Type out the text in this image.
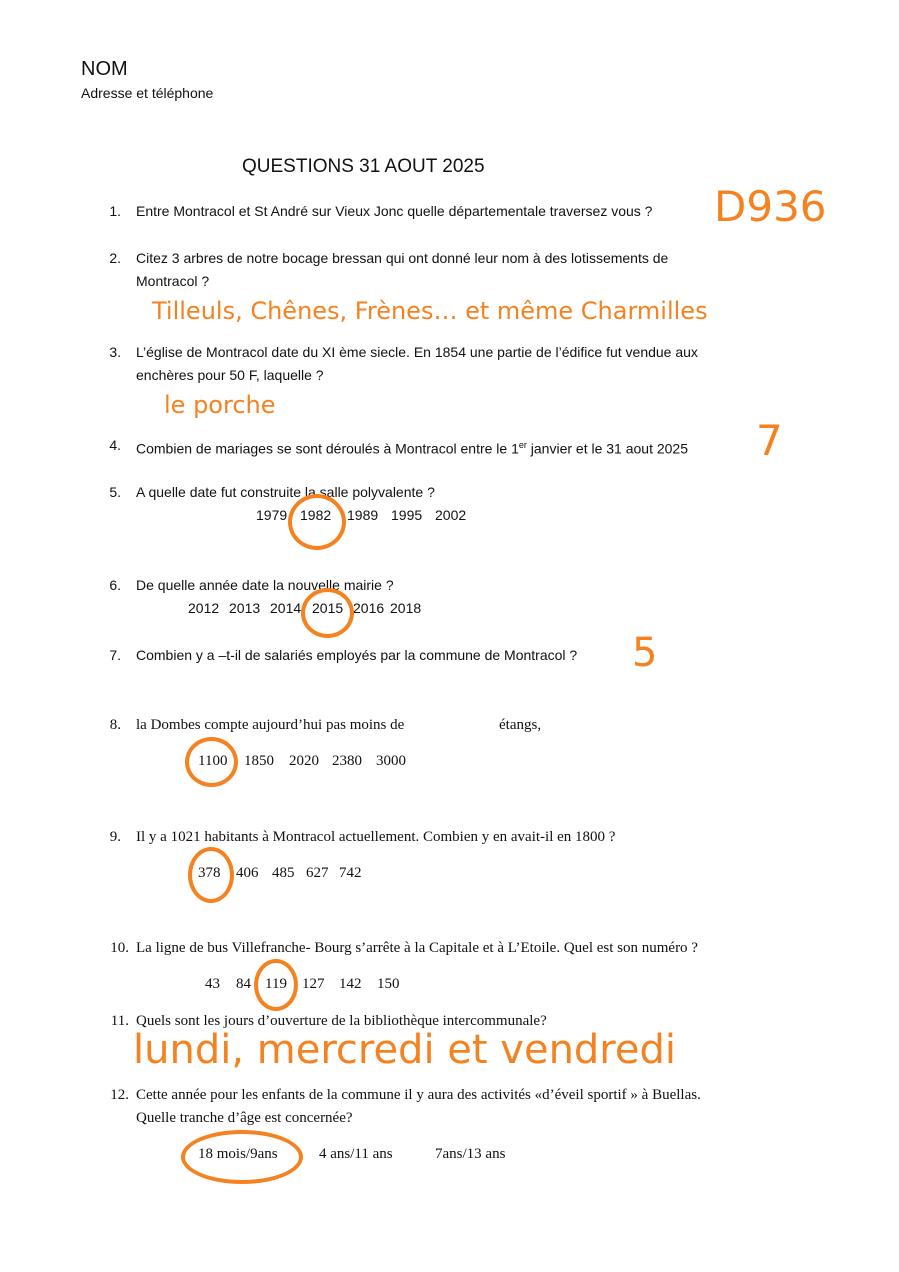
NOM
Adresse et téléphone
QUESTIONS 31 AOUT 2025
1. Entre Montracol et St André sur Vieux Jonc quelle départementale traversez vous ? D936
2. Citez 3 arbres de notre bocage bressan qui ont donné leur nom à des lotissements de
Montracol ?
Tilleuls, Chênes, Frènes… et même Charmilles
3. L’église de Montracol date du XI ème siecle. En 1854 une partie de l’édifice fut vendue aux
enchères pour 50 F, laquelle ?
le porche
4. Combien de mariages se sont déroulés à Montracol entre le 1er janvier et le 31 aout 2025 7
5. A quelle date fut construite la salle polyvalente ?
1979 1982 1989 1995 2002
6. De quelle année date la nouvelle mairie ?
2012 2013 2014 2015 2016 2018
7. Combien y a –t-il de salariés employés par la commune de Montracol ? 5
8. la Dombes compte aujourd’hui pas moins de	étangs,
1100 1850 2020 2380 3000
9. Il y a 1021 habitants à Montracol actuellement. Combien y en avait-il en 1800 ?
378 406 485 627 742
10. La ligne de bus Villefranche- Bourg s’arrête à la Capitale et à L’Etoile. Quel est son numéro ?
43 84 119 127 142 150
11. Quels sont les jours d’ouverture de la bibliothèque intercommunale?
lundi, mercredi et vendredi
12. Cette année pour les enfants de la commune il y aura des activités «d’éveil sportif » à Buellas.
Quelle tranche d’âge est concernée?
18 mois/9ans	4 ans/11 ans	7ans/13 ans
